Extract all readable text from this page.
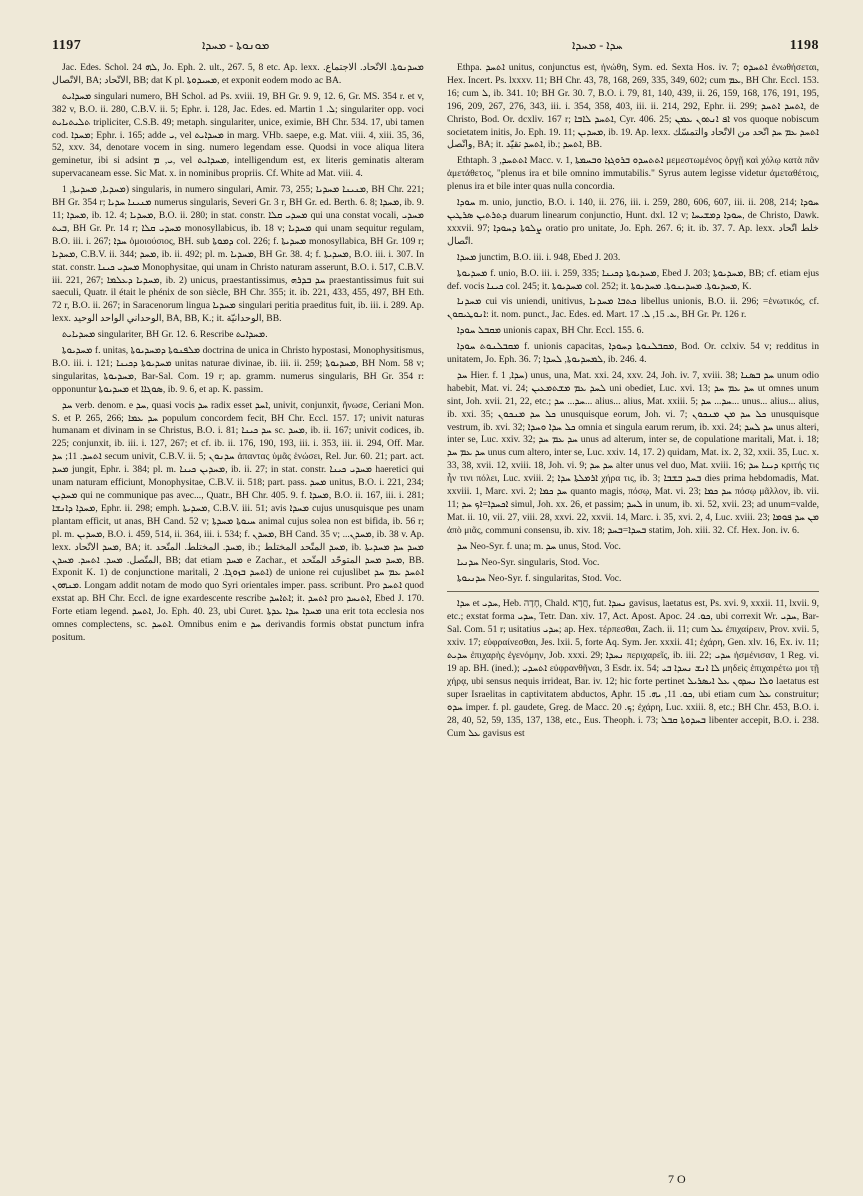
1197	ܡܘܢܘܬܐ - ܡܚܕܐ	ܚܕܐ - ܡܚܕܐ	1198

Jac. Edes. Schol. ܠܗ 24, Jo. Eph. 2. ult., 267. 5, 8 etc. Ap. lexx. ܡܚܕܢܘܬܐ. الاتّحاد. الاجتماع. الاتّصال, BA; الاتّحاد, BB; dat K pl. ܡܚܝܕܘܬܐ, et exponit eodem modo ac BA.

ܡܚܕܐܝܬ singulari numero, BH Schol. ad Ps. xviii. 19, BH Gr. 9. 9, 12. 6, Gr. MS. 354 r. et v, 382 v, B.O. ii. 280, C.B.V. ii. 5; Ephr. i. 128, Jac. Edes. ed. Martin ܠ. 1; singulariter opp. voci ܬܠܝܬܝܐܝܬ tripliciter, C.S.B. 49; metaph. singulariter, unice, eximie, BH Chr. 534. 17, ubi tamen cod. ܡܚܕܐ; Ephr. i. 165; adde ܝ, vel ܡܚܕܐܝܬ in marg. VHb. saepe, e.g. Mat. viii. 4, xiii. 35, 36, 52, xxv. 34, denotare vocem in sing. numero legendam esse. Quodsi in voce aliqua litera geminetur, ibi si adsint ܝ, ܡ, vel ܡܚܕܐܝܬ, intelligendum est, ex literis geminatis alteram supervacaneam esse. Sic Mat. x. in nominibus propriis. Cf. White ad Mat. viii. 4.

ܡܚܕܝܐ, ܡܚܕܝܬܐ, 1) singularis, in numero singulari, Amir. 73, 255; ܡܢܝܢܐ ܡܚܕܝܐ, BH Chr. 221; BH Gr. 354 r; ܡܢܝܢܐ ܚܕܝܐ numerus singularis, Severi Gr. 3 r, BH Gr. ed. Berth. 6. 8; ܡܚܕܐ, ib. 9. 11; ܡܚܕܐ, ib. 12. 4; ܡܚܕܝܐ, B.O. ii. 280; in stat. constr. ܡܚܕܝ ܩܠܐ qui una constat vocali, ܡܚܕܝ ܒܝܬ, BH Gr. Pr. 14 r; ܡܚܕܝ ܩܠܐ monosyllabicus, ib. 18 v; ܡܚܕܝܐ qui unam sequitur regulam, B.O. iii. i. 267; ܚܕܐ ὁμοιούσιος, BH. sub ܕܡܘܬܐ col. 226; f. ܡܚܕܝܬܐ monosyllabica, BH Gr. 109 r; ܡܚܕܝܐ, C.B.V. ii. 344; ܡܚܕ, ib. ii. 492; pl. m. ܡܚܕܝܐ, BH Gr. 38. 4; f. ܡܚܕܝܬܐ, B.O. iii. i. 307. In stat. constr. ܡܚܕܝ ܟܝܢܐ Monophysitae, qui unam in Christo naturam asserunt, B.O. i. 517, C.B.V. iii. 221, 267; ܡܚܕܝܐ ܕܥܠܡܐ, ib. 2) unicus, praestantissimus, ܚܕ ܒܕܪܗ praestantissimus fuit sui saeculi, Quatr. il était le phénix de son siècle, BH Chr. 355; it. ib. 221, 433, 455, 497, BH Eth. 72 r, B.O. ii. 267; in Saracenorum lingua ܡܚܕܝܐ singulari peritia praeditus fuit, ib. iii. i. 289. Ap. lexx. الوحداني الواحد الوحيد, BA, BB, K.; it. الوحدانيّة, BB.

ܡܚܕܝܐܝܬ singulariter, BH Gr. 12. 6. Rescribe ܡܚܕܐܝܬ.

ܡܚܕܝܘܬܐ f. unitas, ܡܠܦܢܘܬܐ ܕܡܚܕܝܘܬܐ doctrina de unica in Christo hypostasi, Monophysitismus, B.O. iii. i. 121; ܡܚܕܝܘܬܐ ܕܟܝܢܐ unitas naturae divinae, ib. iii. ii. 259; ܡܚܕܝܘܬܐ, BH Nom. 58 v; singularitas, ܡܚܕܝܘܬܐ, Bar-Sal. Com. 19 r; ap. gramm. numerus singularis, BH Gr. 354 r: opponuntur ܡܚܕܝܘܬܐ et ܣܘܓܐܐ, ib. 9. 6, et ap. K. passim.

ܚܕ verb. denom. e ܚܕ, quasi vocis ܚܕ radix esset ܐܚܕ, univit, conjunxit, ἥνωσε, Ceriani Mon. S. et P. 265, 266; ܚܕ ܥܡܐ populum concordem fecit, BH Chr. Eccl. 157. 17; univit naturas humanam et divinam in se Christus, B.O. i. 81; ܚܕ ܟܝܢܐ sc. ܡܚܕ, ib. ii. 167; univit codices, ib. 225; conjunxit, ib. iii. i. 127, 267; et cf. ib. ii. 176, 190, 193, iii. i. 353, iii. ii. 294, Off. Mar. ܐܬܚܕ. 11; ܚܕ secum univit, C.B.V. ii. 5; ܚܕܢܘܢ ἀπαντας ὑμᾶς ἑνώσει, Rel. Jur. 60. 21; part. act. ܡܚܕ jungit, Ephr. i. 384; pl. m. ܡܚܕܝܢ ܟܝܢܐ, ib. ii. 27; in stat. constr. ܡܚܕܝ ܟܝܢܐ haeretici qui unam naturam efficiunt, Monophysitae, C.B.V. ii. 518; part. pass. ܡܚܕ unitus, B.O. i. 221, 234; ܡܚܕܝܢ qui ne communique pas avec..., Quatr., BH Chr. 405. 9. f. ܡܚܕܐ, B.O. ii. 167, iii. i. 281; ܡܚܕܐ ܕܐܢܫܐ, Ephr. ii. 298; emph. ܡܚܕܝܬܐ, C.B.V. iii. 51; avis ܡܚܕܐ cujus unusquisque pes unam plantam efficit, ut anas, BH Cand. 52 v; ܚܝܘܬܐ ܡܚܕܬܐ animal cujus solea non est bifida, ib. 56 r; pl. m. ܡܚܕܝܢ, B.O. i. 459, 514, ii. 364, iii. i. 534; f. ܡܚܕܢ, BH Cand. 35 v; ...ܡܚܕܢ, ib. 38 v. Ap. lexx. ܡܚܕ الاتّحاد, BA; it. ܡܚܕ. المختلط. المتّحد, ib.; ܡܚܕ المتّحد المختلط, ib. ܡܚܕ ܚܕ ܡܚܕܝܬܐ المتّصل. ܡܚܕ. ܐܬܚܕ. ܡܚܕܢ, BB; dat etiam ܡܚܕ e Zachar., et ܡܚܕ ܡܚܕ المتوحّد المتّحد, BB. Exponit K. 1) de conjunctione maritali, ܐܬܚܕ ܒܙܘܓܐ. 2) de unione rei cujuslibet ܐܬܚܕ ܥܡ ܚܕ ܡܢܗܘܢ. Longam addit notam de modo quo Syri orientales imper. pass. scribunt. Pro ܐܬܚܕ quod exstat ap. BH Chr. Eccl. de igne exardescente rescribe ܐܬܐܚܕ; it. ܐܬܚܕ pro ܐܬܝܚܕ, Ebed J. 170. Forte etiam legend. ܐܬܚܕ, Jo. Eph. 40. 23, ubi Curet. ܡܚܕܐ ܚܕܐ ܥܕܬܐ una erit tota ecclesia nos omnes complectens, sc. ܐܬܚܕ. Omnibus enim e ܚܕ derivandis formis obstat punctum infra positum.

Ethpa. ܐܬܚܕ unitus, conjunctus est, ἡνώθη, Sym. ed. Sexta Hos. iv. 7; ܐܬܚܕܘ ἐνωθήσεται, Hex. Incert. Ps. lxxxv. 11; BH Chr. 43, 78, 168, 269, 335, 349, 602; cum ܥܡ, BH Chr. Eccl. 153. 16; cum ܠ, ib. 341. 10; BH Gr. 30. 7, B.O. i. 79, 81, 140, 439, ii. 26, 159, 168, 176, 191, 195, 196, 209, 267, 276, 343, iii. i. 354, 358, 403, iii. ii. 214, 292, Ephr. ii. 299; ܐܬܚܕ ܐܬܚܕ, de Christo, Bod. Or. dcxliv. 167 r; ܐܬܚܕ ܠܐܒܐ, Cyr. 406. 25; ܐܦ ܐܢܬܘܢ ܥܡܢ vos quoque nobiscum societatem initis, Jo. Eph. 19. 11; ܡܚܕܝܢ, ib. 19. Ap. lexx. ܐܬܚܕ ܥܡ ܚܕ اتّحد من الاتّحاد والتمسّك واتّصل, BA; it. ܐܬܚܕ تقيّد, ib.; ܐܬܚܕ, BB.

Ethtaph. ܐܬܬܚܕ, 3 Macc. v. 1, ܐܬܬܚܕܘ ܒܪܘܓܙܐ ܘܒܚܡܬܐ μεμεστωμένος ὀργῇ καὶ χόλῳ κατὰ πᾶν ἀμετάθετος, "plenus ira et bile omnino immutabilis." Syrus autem legisse videtur ἀμεταθέτοις, plenus ira et bile inter quas nulla concordia.

ܚܘܕܐ m. unio, junctio, B.O. i. 140, ii. 276, iii. i. 259, 280, 606, 607, iii. ii. 208, 214; ܚܘܕܐ ܕܬܪܬܝܢ ܣܪܛܝܢ duarum linearum conjunctio, Hunt. dxl. 12 v; ܚܘܕܐ ܕܡܫܝܚܐ, de Christo, Dawk. xxxvii. 97; ܨܠܘܬܐ ܕܚܘܕܐ oratio pro unitate, Jo. Eph. 267. 6; it. ib. 37. 7. Ap. lexx. خلط اتّحاد اتّصال.

ܡܚܕܐ junctim, B.O. iii. i. 948, Ebed J. 203.

ܡܚܕܝܘܬܐ f. unio, B.O. iii. i. 259, 335; ܡܚܕܝܘܬܐ ܕܟܝܢܐ, Ebed J. 203; ܡܚܕܝܘܬܐ, BB; cf. etiam ejus def. vocis ܟܝܢܐ col. 245; it. ܡܚܕܝܘܬܐ col. 252; it. ܡܚܕܝܘܬܐ. ܡܚܕܝܢܘܬܐ. ܡܚܕܝܘܬܐ, K.

ܡܚܕܢܐ cui vis uniendi, unitivus, ܟܬܒܐ ܡܚܕܢܐ libellus unionis, B.O. ii. 296; =ἑνωτικός, cf. ܐܢܘܛܝܩܘܢ: it. nom. punct., Jac. Edes. ed. Mart. ܥ. 15, ܠ. 17, BH Gr. Pr. 126 r.

ܡܩܒܠ ܚܘܕܐ unionis capax, BH Chr. Eccl. 155. 6.

ܡܩܒܠܢܘܬ ܚܘܕܐ f. unionis capacitas, ܡܩܒܠܢܘܬܐ ܕܚܘܕܐ, Bod. Or. cclxiv. 54 v; redditus in unitatem, Jo. Eph. 36. 7; ܠܡܚܕܝܘܬܐ, ܠܚܕܐ, ib. 246. 4.

ܚܕ Hier. f. ܚܕܐ, 1) unus, una, Mat. xxi. 24, xxv. 24, Joh. iv. 7, xviii. 38; ܚܕ ܒܣܢܐ unum odio habebit, Mat. vi. 24; ܠܚܕ ܥܡ ܡܫܬܡܥܝܢ uni obediet, Luc. xvi. 13; ܚܕ ܥܡ ܚܕ ut omnes unum sint, Joh. xvii. 21, 22, etc.; ܚܕ... ܚܕ... alius... alius, Mat. xxiii. 5; ܚܕ... ܚܕ... unus... alius... alius, ib. xxi. 35; ܟܠ ܚܕ ܡܢܟܘܢ unusquisque eorum, Joh. vi. 7; ܟܠ ܚܕ ܡܢ ܡܢܟܘܢ unusquisque vestrum, ib. xvi. 32; ܟܠ ܚܕܐ ܘܚܕܐ omnia et singula earum rerum, ib. xxi. 24; ܚܕ ܠܚܕ unus alteri, inter se, Luc. xxiv. 32; ܚܕ ܥܡ ܚܕ unus ad alterum, inter se, de copulatione maritali, Mat. i. 18; ܚܕ ܥܡ ܚܕ unus cum altero, inter se, Luc. xxiv. 14, 17. 2) quidam, Mat. ix. 2, 32, xxii. 35, Luc. x. 33, 38, xvii. 12, xviii. 18, Joh. vi. 9; ܚܕ ܚܕ alter unus vel duo, Mat. xviii. 16; ܕܝܢܐ ܚܕ κριτής τις ἦν τινι πόλει, Luc. xviii. 2; ܐܪܡܠܬܐ ܚܕܐ χήρα τις, ib. 3; ܒܚܕ ܒܫܒܐ dies prima hebdomadis, Mat. xxviii. 1, Marc. xvi. 2; ܚܕ ܟܡܐ quanto magis, πόσῳ, Mat. vi. 23; ܚܕ ܟܡܐ πόσῳ μᾶλλον, ib. vii. 11; ܐܟܚܕܐ=ܐܟ ܚܕ simul, Joh. xx. 26, et passim; ܠܚܕ in unum, ib. xi. 52, xvii. 23; ad unum=valde, Mat. ii. 10, vii. 27, viii. 28, xxvi. 22, xxvii. 14, Marc. i. 35, xvi. 2, 4, Luc. xviii. 23; ܡܢ ܚܕ ܦܘܡܐ ἀπὸ μιᾶς, communi consensu, ib. xiv. 18; ܒܚܕܐ=ܒܚܕ statim, Joh. xiii. 32. Cf. Hex. Jon. iv. 6.

ܚܕ Neo-Syr. f. una; m. ܚܕ unus, Stod. Voc.

ܚܕܢܝܐ Neo-Syr. singularis, Stod. Voc.

ܚܕܢܝܘܬܐ Neo-Syr. f. singularitas, Stod. Voc.

ܚܕܐ et ܚܕܝ, Heb. חָדָה, Chald. חֲדָא, fut. ܢܚܕܐ gavisus, laetatus est, Ps. xvi. 9, xxxii. 11, lxvii. 9, etc.; exstat forma ܚܕܝ, Tetr. Dan. xiv. 17, Act. Apost. Apoc. ܟܘ. 24, ubi correxit Wr. ܚܕܝ, Bar-Sal. Com. 51 r; usitatius ܚܕܝ; ap. Hex. τέρπεσθαι, Zach. ii. 11; cum ܥܠ ἐπιχαίρειν, Prov. xvii. 5, xxiv. 17; εὐφραίνεσθαι, Jes. lxii. 5, forte Aq. Sym. Jer. xxxii. 41; ἐχάρη, Gen. xlv. 16, Ex. iv. 11; ܚܕܝܬ ἐπιχαρὴς ἐγενόμην, Job. xxxi. 29; ܢܚܕܐ περιχαρεῖς, ib. iii. 22; ܚܕܝ ἡσμένισαν, 1 Reg. vi. 19 ap. BH. (ined.); ܐܬܚܕܝ εὐφρανθῆναι, 3 Esdr. ix. 54; ܠܐ ܐܢܫ ܢܚܕܐ ܒܝ μηδεὶς ἐπιχαιρέτω μοι τῇ χήρᾳ, ubi sensus nequis irrideat, Bar. iv. 12; hic forte pertinet ܘܠܐ ܢܚܕܘܢ ܥܠ ܐܝܣܪܝܠ laetatus est super Israelitas in captivitatem abductos, Aphr. ܟܘ. 11, ܝܗ. 15, ubi etiam cum ܥܠ construitur; ܚܕܘ imper. f. pl. gaudete, Greg. de Macc. ܟ. 20; ἐχάρη, Luc. xxiii. 8, etc.; BH Chr. 453, B.O. i. 28, 40, 52, 59, 135, 137, 138, etc., Eus. Theoph. i. 73; ܒܚܕܘܬܐ ܩܒܠ libenter accepit, B.O. i. 238. Cum ܥܠ gavisus est

7 O
